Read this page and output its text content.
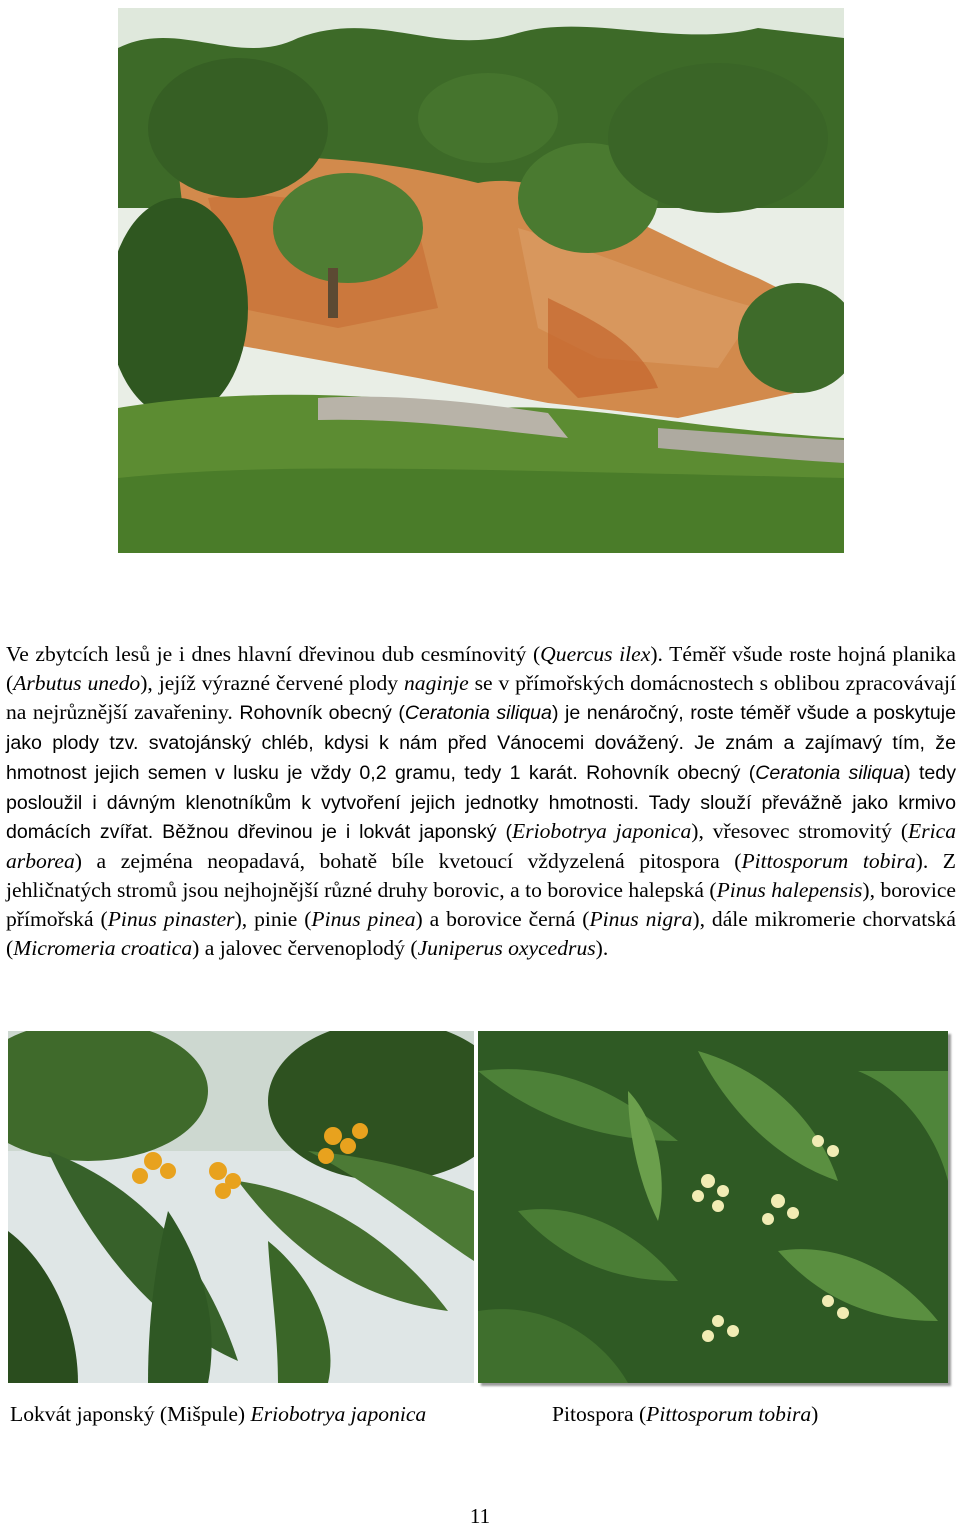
Ve zbytcích lesů je i dnes hlavní dřevinou dub cesmínovitý (Quercus ilex). Téměř všude roste hojná planika (Arbutus unedo), jejíž výrazné červené plody naginje se v přímořských domácnostech s oblibou zpracovávají na nejrůznější zavařeniny. Rohovník obecný (Ceratonia siliqua) je nenáročný, roste téměř všude a poskytuje jako plody tzv. svatojánský chléb, kdysi k nám před Vánocemi dovážený. Je znám a zajímavý tím, že hmotnost jejich semen v lusku je vždy 0,2 gramu, tedy 1 karát. Rohovník obecný (Ceratonia siliqua) tedy posloužil i dávným klenotníkům k vytvoření jejich jednotky hmotnosti. Tady slouží převážně jako krmivo domácích zvířat. Běžnou dřevinou je i lokvát japonský (Eriobotrya japonica), vřesovec stromovitý (Erica arborea) a zejména neopadavá, bohatě bíle kvetoucí vždyzelená pitospora (Pittosporum tobira). Z jehličnatých stromů jsou nejhojnější různé druhy borovic, a to borovice halepská (Pinus halepensis), borovice přímořská (Pinus pinaster), pinie (Pinus pinea) a borovice černá (Pinus nigra), dále mikromerie chorvatská (Micromeria croatica) a jalovec červenoplodý (Juniperus oxycedrus).

Lokvát japonský (Mišpule) Eriobotrya japonica	Pitospora (Pittosporum tobira)
11
